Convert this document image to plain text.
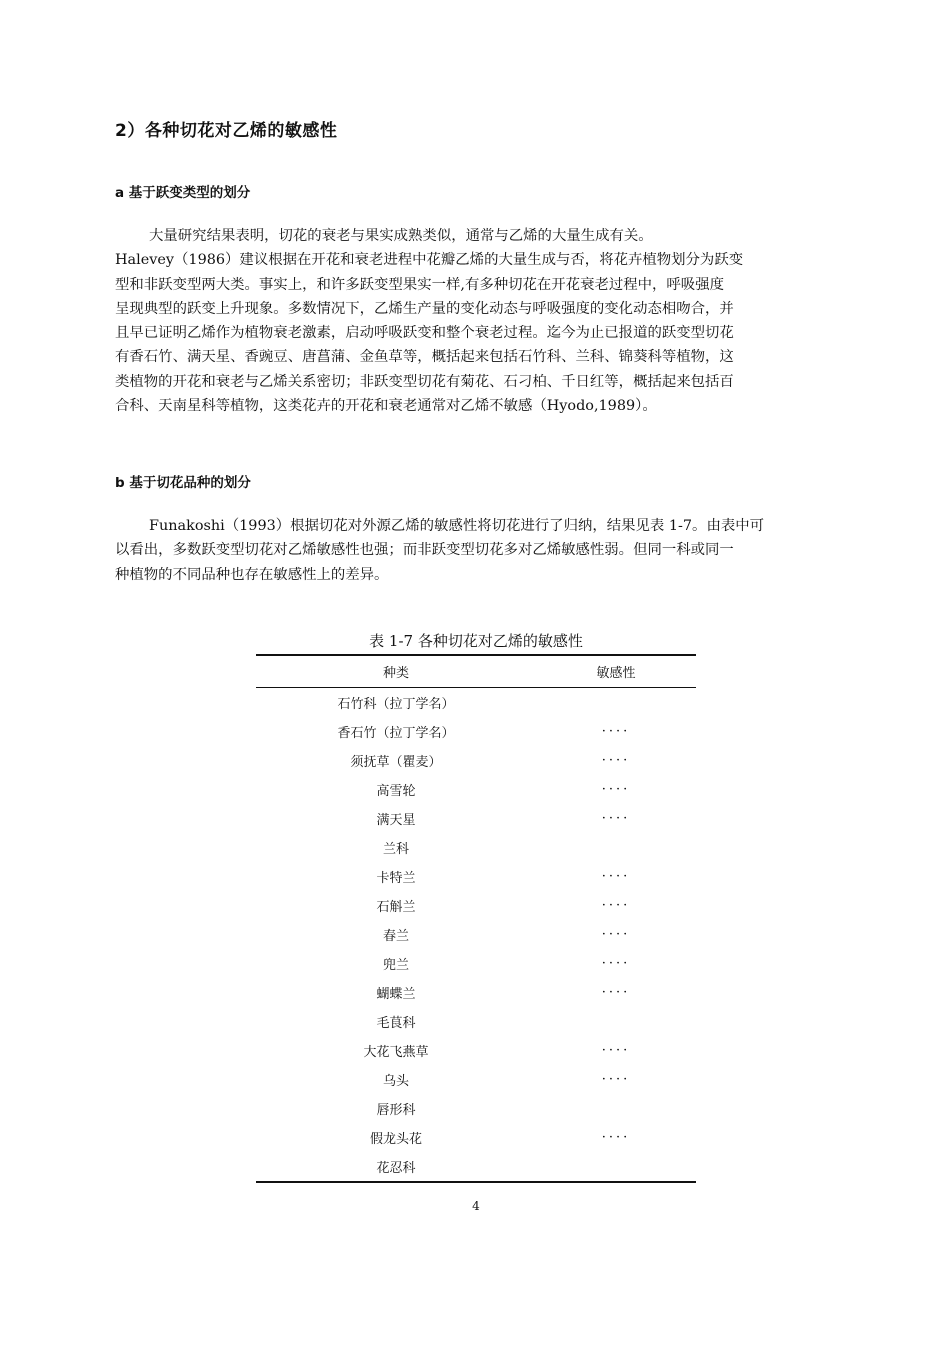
2）各种切花对乙烯的敏感性
a 基于跃变类型的划分
大量研究结果表明，切花的衰老与果实成熟类似，通常与乙烯的大量生成有关。
Halevey（1986）建议根据在开花和衰老进程中花瓣乙烯的大量生成与否，将花卉植物划分为跃变
型和非跃变型两大类。事实上，和许多跃变型果实一样,有多种切花在开花衰老过程中，呼吸强度
呈现典型的跃变上升现象。多数情况下，乙烯生产量的变化动态与呼吸强度的变化动态相吻合，并
且早已证明乙烯作为植物衰老激素，启动呼吸跃变和整个衰老过程。迄今为止已报道的跃变型切花
有香石竹、满天星、香豌豆、唐菖蒲、金鱼草等，概括起来包括石竹科、兰科、锦葵科等植物，这
类植物的开花和衰老与乙烯关系密切；非跃变型切花有菊花、石刁柏、千日红等，概括起来包括百
合科、天南星科等植物，这类花卉的开花和衰老通常对乙烯不敏感（Hyodo,1989）。
b 基于切花品种的划分
Funakoshi（1993）根据切花对外源乙烯的敏感性将切花进行了归纳，结果见表 1-7。由表中可
以看出，多数跃变型切花对乙烯敏感性也强；而非跃变型切花多对乙烯敏感性弱。但同一科或同一
种植物的不同品种也存在敏感性上的差异。
表 1-7 各种切花对乙烯的敏感性
种类	敏感性
石竹科（拉丁学名）
香石竹（拉丁学名）	····
须抚草（瞿麦）	····
高雪轮	····
满天星	····
兰科
卡特兰	····
石斛兰	····
春兰	····
兜兰	····
蝴蝶兰	····
毛茛科
大花飞燕草	····
乌头	····
唇形科
假龙头花	····
花忍科
4
